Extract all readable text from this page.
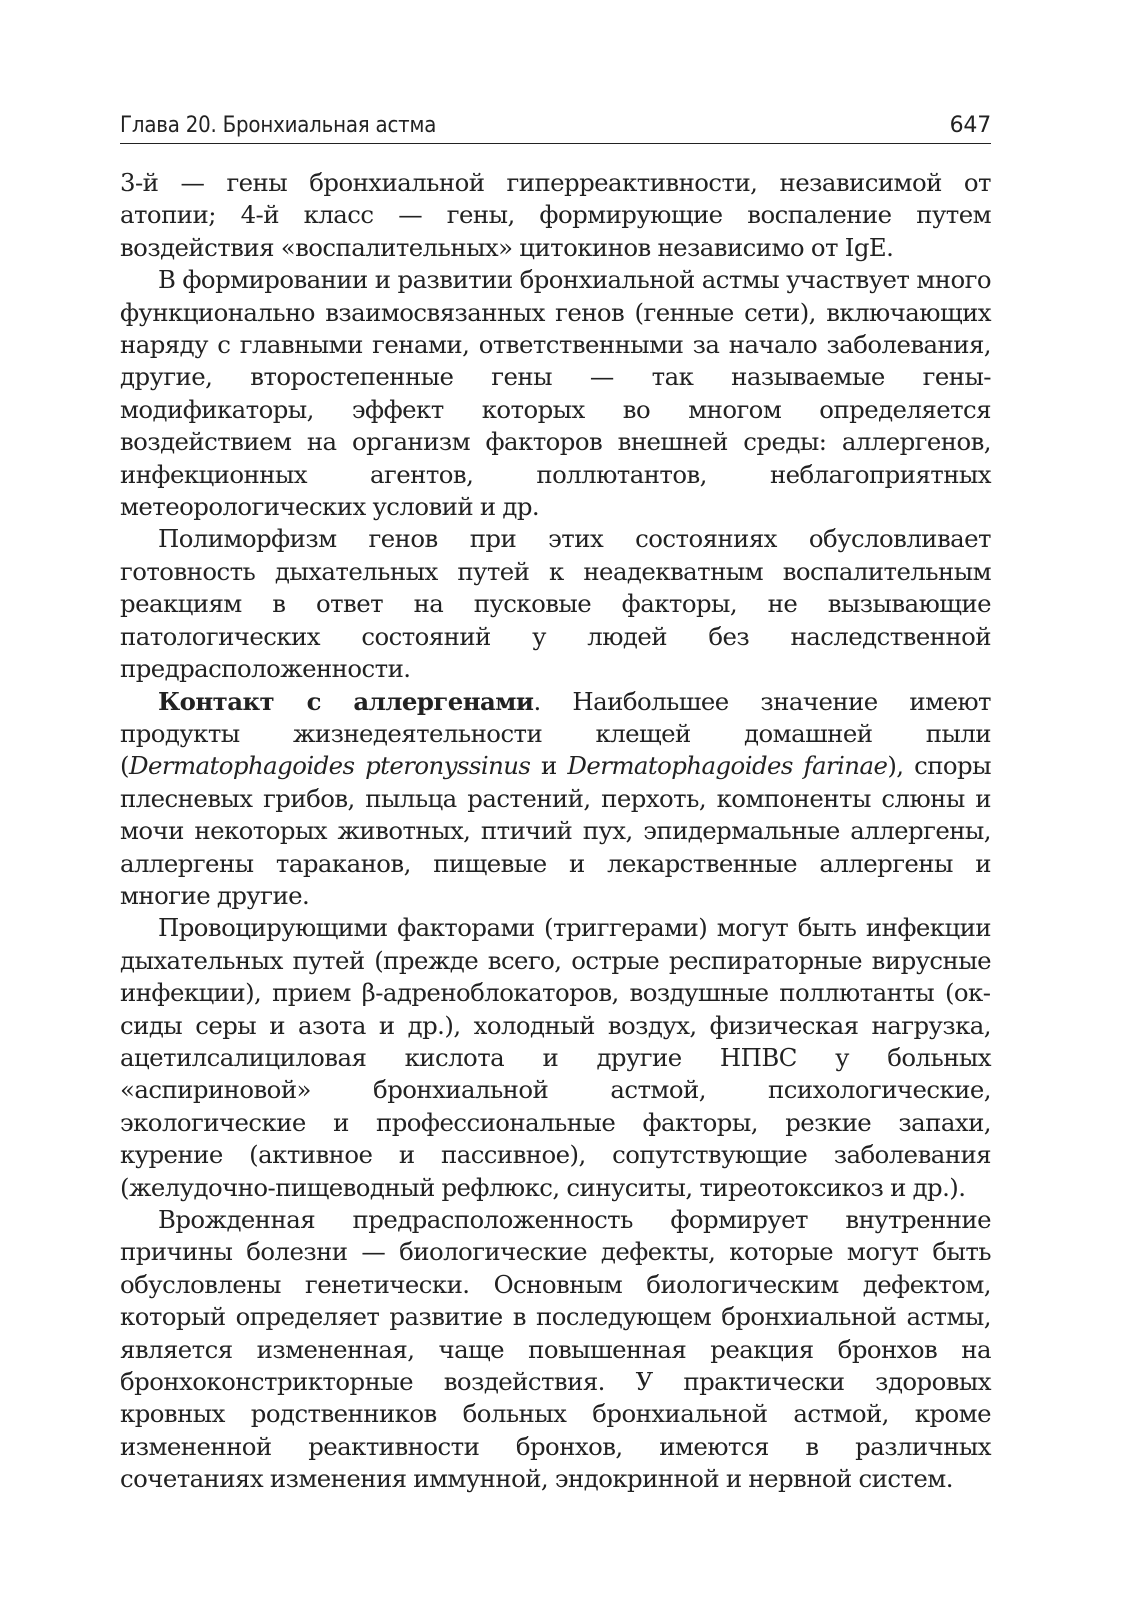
Глава 20. Бронхиальная астма	647

3-й — гены бронхиальной гиперреактивности, независимой от атопии; 4-й класс — гены, формирующие воспаление путем воздействия «воспалительных» цитокинов независимо от IgE.

В формировании и развитии бронхиальной астмы участвует много функционально взаимосвязанных генов (генные сети), включающих наряду с главными генами, ответственными за начало заболевания, другие, второстепенные гены — так называемые гены-модификаторы, эффект которых во многом определяется воздействием на организм факторов внешней среды: аллергенов, инфекционных агентов, поллютантов, неблагоприятных метеорологических условий и др.

Полиморфизм генов при этих состояниях обусловливает готовность дыхательных путей к неадекватным воспалительным реакциям в ответ на пусковые факторы, не вызывающие патологических состояний у людей без наследственной предрасположенности.

Контакт с аллергенами. Наибольшее значение имеют продукты жизнедеятельности клещей домашней пыли (Dermatophagoides pteronyssinus и Dermatophagoides farinae), споры плесневых грибов, пыльца растений, перхоть, компоненты слюны и мочи некоторых животных, птичий пух, эпидермальные аллергены, аллергены тараканов, пищевые и лекарственные аллергены и многие другие.

Провоцирующими факторами (триггерами) могут быть инфекции дыхательных путей (прежде всего, острые респираторные вирусные инфекции), прием β-адреноблокаторов, воздушные поллютанты (оксиды серы и азота и др.), холодный воздух, физическая нагрузка, ацетилсалициловая кислота и другие НПВС у больных «аспириновой» бронхиальной астмой, психологические, экологические и профессиональные факторы, резкие запахи, курение (активное и пассивное), сопутствующие заболевания (желудочно-пищеводный рефлюкс, синуситы, тиреотоксикоз и др.).

Врожденная предрасположенность формирует внутренние причины болезни — биологические дефекты, которые могут быть обусловлены генетически. Основным биологическим дефектом, который определяет развитие в последующем бронхиальной астмы, является измененная, чаще повышенная реакция бронхов на бронхоконстрикторные воздействия. У практически здоровых кровных родственников больных бронхиальной астмой, кроме измененной реактивности бронхов, имеются в различных сочетаниях изменения иммунной, эндокринной и нервной систем.
